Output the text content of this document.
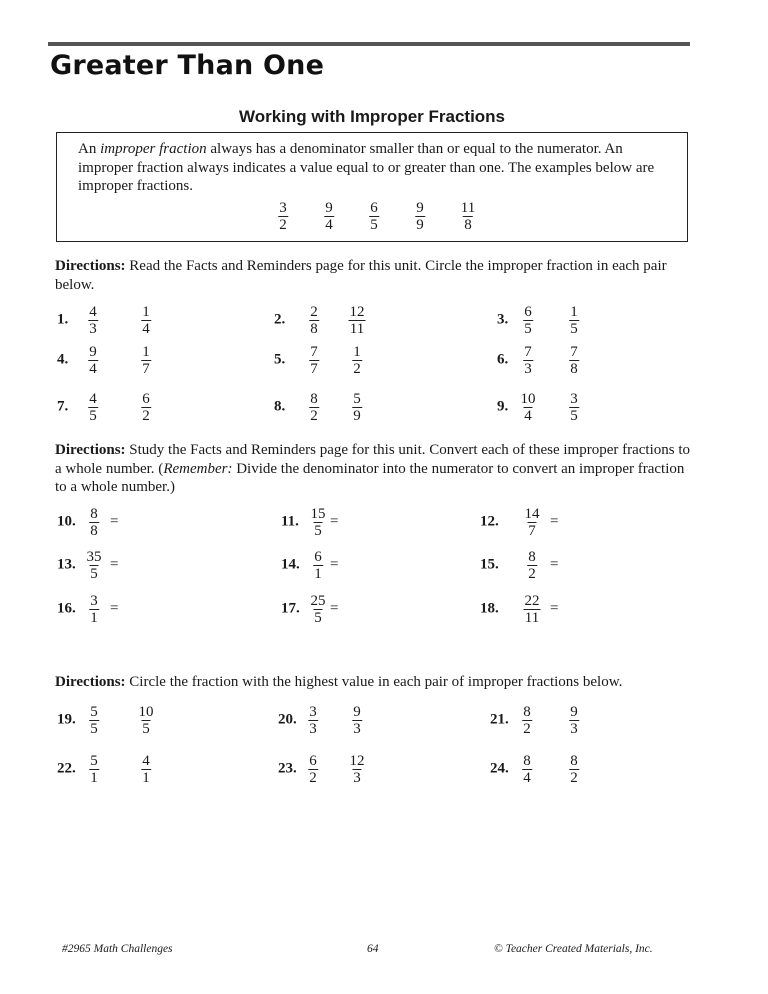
Greater Than One
Working with Improper Fractions
An improper fraction always has a denominator smaller than or equal to the numerator. An improper fraction always indicates a value equal to or greater than one. The examples below are improper fractions.
$\frac{3}{2} \frac{9}{4} \frac{6}{5} \frac{9}{9} \frac{11}{8}$
Directions: Read the Facts and Reminders page for this unit. Circle the improper fraction in each pair below.
1. $\frac{4}{3}$	$\frac{1}{4}$	2. $\frac{2}{8} \frac{12}{11}$	3. $\frac{6}{5} \frac{1}{5}$
4. $\frac{9}{4}$	$\frac{1}{7}$	5. $\frac{7}{7} \frac{1}{2}$	6. $\frac{7}{3} \frac{7}{8}$
7. $\frac{4}{5}$	$\frac{6}{2}$	8. $\frac{8}{2} \frac{5}{9}$	9. $\frac{10}{4} \frac{3}{5}$
Directions: Study the Facts and Reminders page for this unit. Convert each of these improper fractions to a whole number. (Remember: Divide the denominator into the numerator to convert an improper fraction to a whole number.)
10. $\frac{8}{8}$ =	11. $\frac{15}{5}$ =	12. $\frac{14}{7}$ =
13. $\frac{35}{5}$ =	14. $\frac{6}{1}$ =	15. $\frac{8}{2}$ =
16. $\frac{3}{1}$ =	17. $\frac{25}{5}$ =	18. $\frac{22}{11}$ =
Directions: Circle the fraction with the highest value in each pair of improper fractions below.
19. $\frac{5}{5}$	$\frac{10}{5}$	20. $\frac{3}{3} \frac{9}{3}$	21. $\frac{8}{2}$	$\frac{9}{3}$
22. $\frac{5}{1}$	$\frac{4}{1}$	23. $\frac{6}{2} \frac{12}{3}$	24. $\frac{8}{4}$	$\frac{8}{2}$
#2965 Math Challenges	64	© Teacher Created Materials, Inc.
